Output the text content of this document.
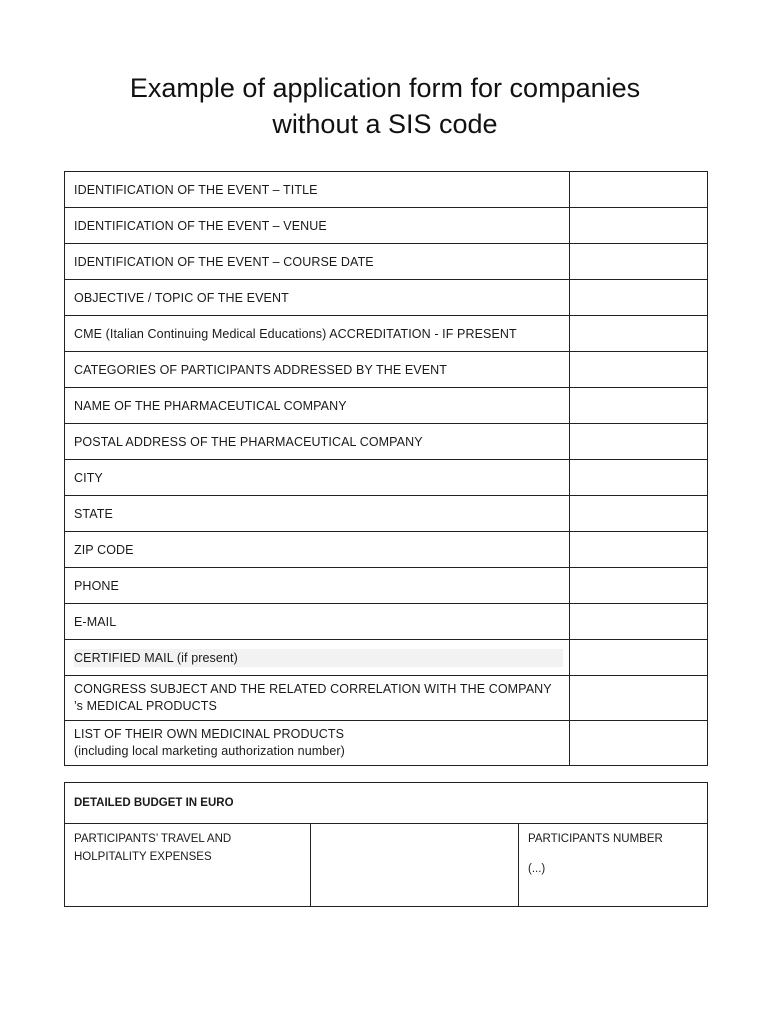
Example of application form for companies
without a SIS code
IDENTIFICATION OF THE EVENT – TITLE	
IDENTIFICATION OF THE EVENT – VENUE	
IDENTIFICATION OF THE EVENT – COURSE DATE	
OBJECTIVE / TOPIC OF THE EVENT	
CME (Italian Continuing Medical Educations) ACCREDITATION - IF PRESENT	
CATEGORIES OF PARTICIPANTS ADDRESSED BY THE EVENT	
NAME OF THE PHARMACEUTICAL COMPANY	
POSTAL ADDRESS OF THE PHARMACEUTICAL COMPANY	
CITY	
STATE	
ZIP CODE	
PHONE	
E-MAIL	

CERTIFIED MAIL (if present)	

CONGRESS SUBJECT AND THE RELATED CORRELATION WITH THE COMPANY
’s MEDICAL PRODUCTS	

LIST OF THEIR OWN MEDICINAL PRODUCTS
(including local marketing authorization number)	

DETAILED BUDGET IN EURO

PARTICIPANTS’ TRAVEL AND
HOLPITALITY EXPENSES

PARTICIPANTS NUMBER
(...)
